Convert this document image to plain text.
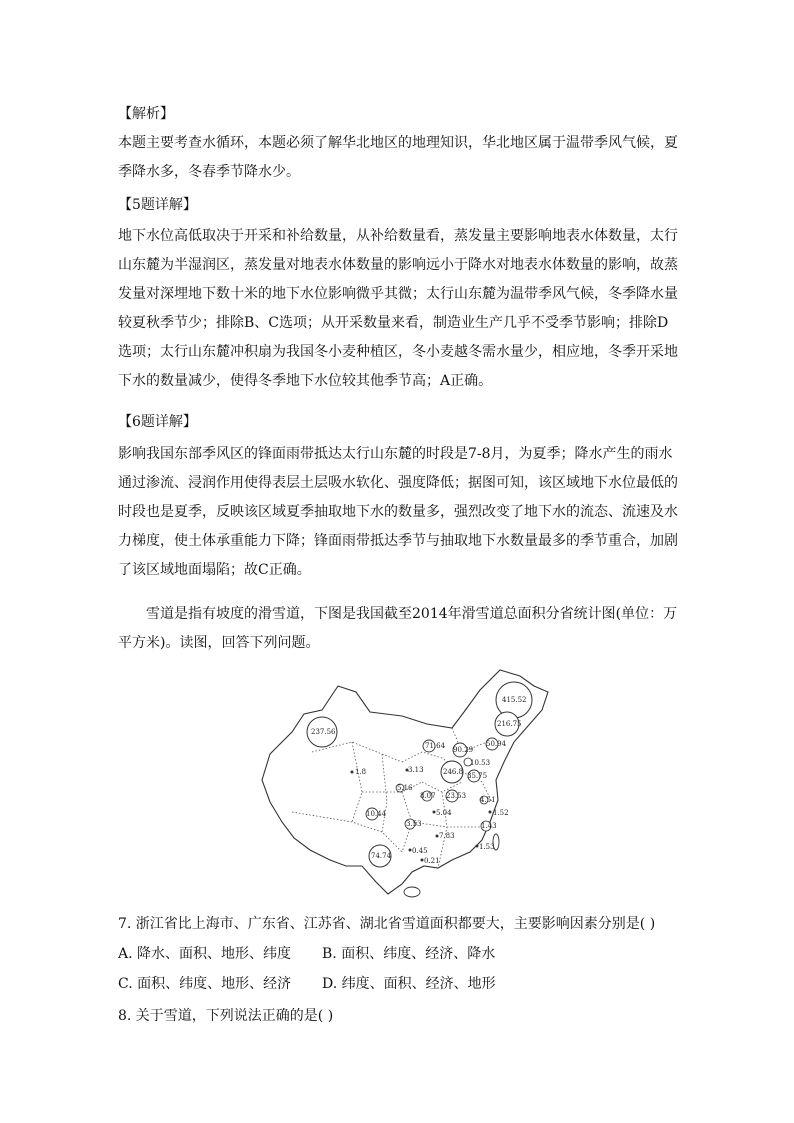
【解析】

本题主要考查水循环，本题必须了解华北地区的地理知识，华北地区属于温带季风气候，夏季降水多，冬春季节降水少。

【5题详解】

地下水位高低取决于开采和补给数量，从补给数量看，蒸发量主要影响地表水体数量，太行山东麓为半湿润区，蒸发量对地表水体数量的影响远小于降水对地表水体数量的影响，故蒸发量对深埋地下数十米的地下水位影响微乎其微；太行山东麓为温带季风气候，冬季降水量较夏秋季节少；排除B、C选项；从开采数量来看，制造业生产几乎不受季节影响；排除D选项；太行山东麓冲积扇为我国冬小麦种植区，冬小麦越冬需水量少，相应地，冬季开采地下水的数量减少，使得冬季地下水位较其他季节高；A正确。

【6题详解】

影响我国东部季风区的锋面雨带抵达太行山东麓的时段是7-8月，为夏季；降水产生的雨水通过渗流、浸润作用使得表层土层吸水软化、强度降低；据图可知，该区域地下水位最低的时段也是夏季，反映该区域夏季抽取地下水的数量多，强烈改变了地下水的流态、流速及水力梯度，使土体承重能力下降；锋面雨带抵达季节与抽取地下水数量最多的季节重合，加剧了该区域地面塌陷；故C正确。

雪道是指有坡度的滑雪道，下图是我国截至2014年滑雪道总面积分省统计图(单位：万平方米)。读图，回答下列问题。

415.52
216.75
237.56
71.64 90.29
50.94
10.53
246.8 35.75
3.13
1.8
5.16
8.07 23.53 4.51
1.52
10.44	5.04
1.43
3.53
7.83
74.74
0.45	1.53
0.21

7. 浙江省比上海市、广东省、江苏省、湖北省雪道面积都要大，主要影响因素分别是( )

A. 降水、面积、地形、纬度 B. 面积、纬度、经济、降水
C. 面积、纬度、地形、经济 D. 纬度、面积、经济、地形

8. 关于雪道，下列说法正确的是( )
